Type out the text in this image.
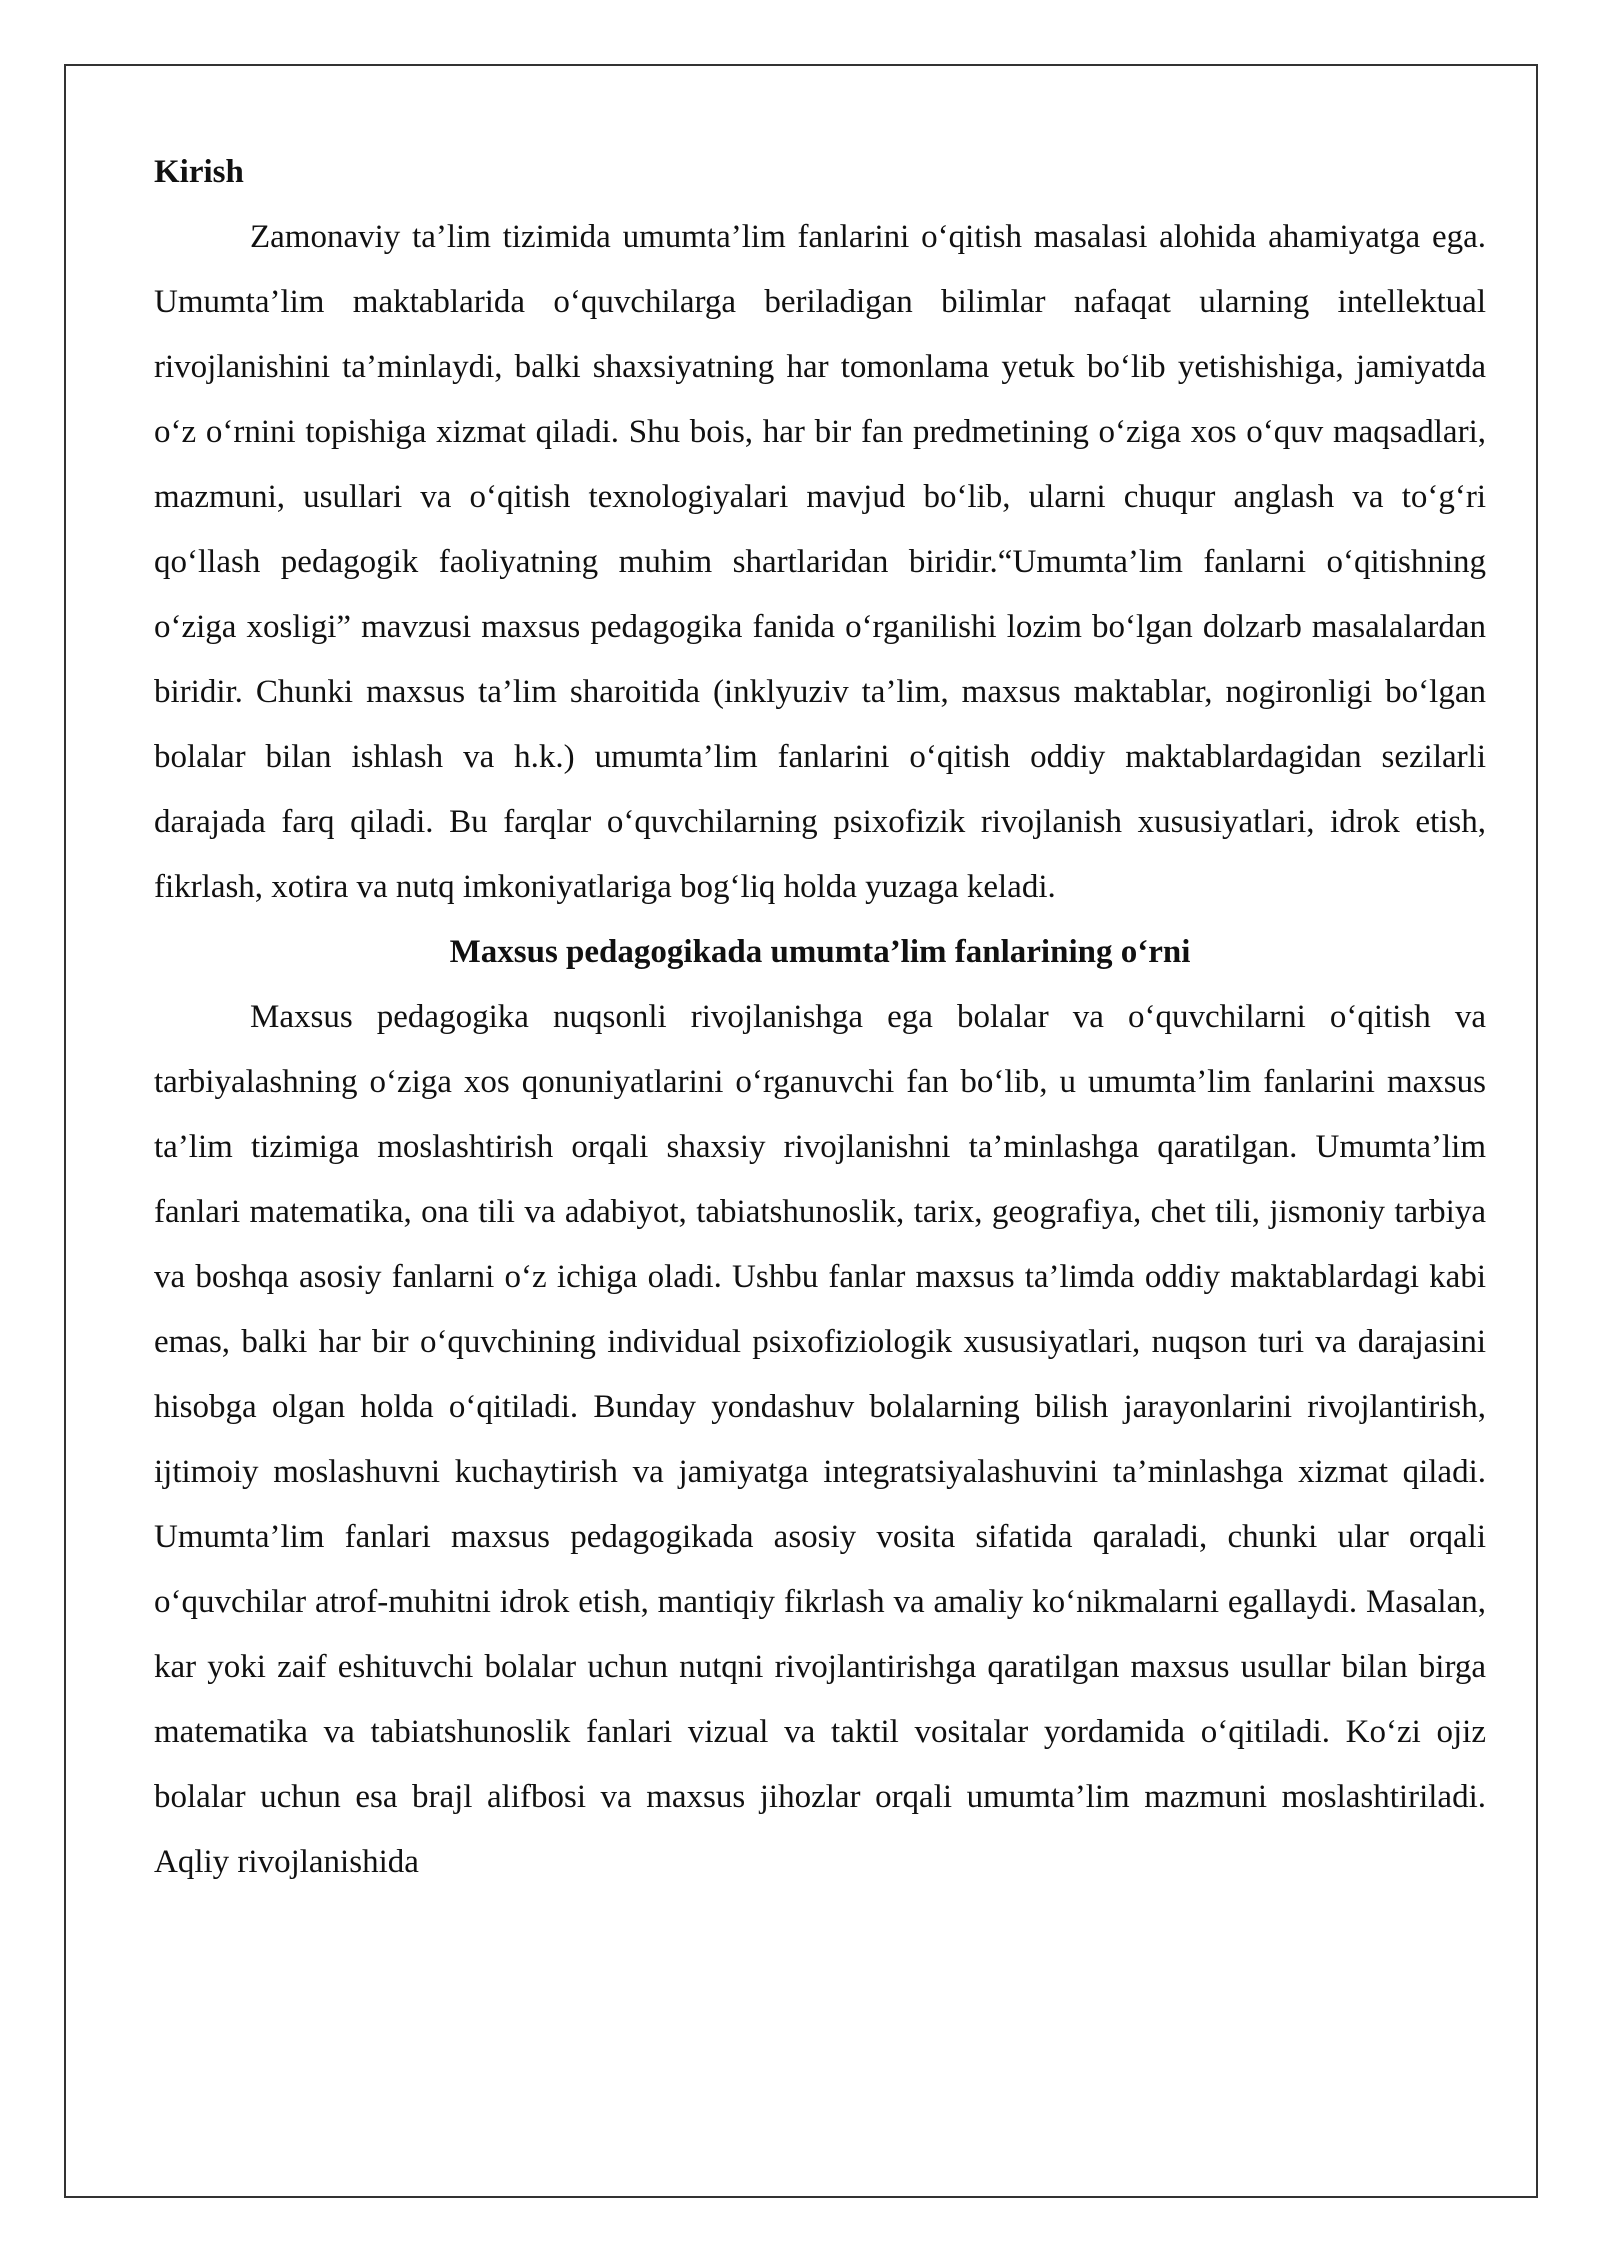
Kirish

Zamonaviy ta’lim tizimida umumta’lim fanlarini o‘qitish masalasi alohida ahamiyatga ega. Umumta’lim maktablarida o‘quvchilarga beriladigan bilimlar nafaqat ularning intellektual rivojlanishini ta’minlaydi, balki shaxsiyatning har tomonlama yetuk bo‘lib yetishishiga, jamiyatda o‘z o‘rnini topishiga xizmat qiladi. Shu bois, har bir fan predmetining o‘ziga xos o‘quv maqsadlari, mazmuni, usullari va o‘qitish texnologiyalari mavjud bo‘lib, ularni chuqur anglash va to‘g‘ri qo‘llash pedagogik faoliyatning muhim shartlaridan biridir.“Umumta’lim fanlarni o‘qitishning o‘ziga xosligi” mavzusi maxsus pedagogika fanida o‘rganilishi lozim bo‘lgan dolzarb masalalardan biridir. Chunki maxsus ta’lim sharoitida (inklyuziv ta’lim, maxsus maktablar, nogironligi bo‘lgan bolalar bilan ishlash va h.k.) umumta’lim fanlarini o‘qitish oddiy maktablardagidan sezilarli darajada farq qiladi. Bu farqlar o‘quvchilarning psixofizik rivojlanish xususiyatlari, idrok etish, fikrlash, xotira va nutq imkoniyatlariga bog‘liq holda yuzaga keladi.

Maxsus pedagogikada umumta’lim fanlarining o‘rni

Maxsus pedagogika nuqsonli rivojlanishga ega bolalar va o‘quvchilarni o‘qitish va tarbiyalashning o‘ziga xos qonuniyatlarini o‘rganuvchi fan bo‘lib, u umumta’lim fanlarini maxsus ta’lim tizimiga moslashtirish orqali shaxsiy rivojlanishni ta’minlashga qaratilgan. Umumta’lim fanlari matematika, ona tili va adabiyot, tabiatshunoslik, tarix, geografiya, chet tili, jismoniy tarbiya va boshqa asosiy fanlarni o‘z ichiga oladi. Ushbu fanlar maxsus ta’limda oddiy maktablardagi kabi emas, balki har bir o‘quvchining individual psixofiziologik xususiyatlari, nuqson turi va darajasini hisobga olgan holda o‘qitiladi. Bunday yondashuv bolalarning bilish jarayonlarini rivojlantirish, ijtimoiy moslashuvni kuchaytirish va jamiyatga integratsiyalashuvini ta’minlashga xizmat qiladi. Umumta’lim fanlari maxsus pedagogikada asosiy vosita sifatida qaraladi, chunki ular orqali o‘quvchilar atrof-muhitni idrok etish, mantiqiy fikrlash va amaliy ko‘nikmalarni egallaydi. Masalan, kar yoki zaif eshituvchi bolalar uchun nutqni rivojlantirishga qaratilgan maxsus usullar bilan birga matematika va tabiatshunoslik fanlari vizual va taktil vositalar yordamida o‘qitiladi. Ko‘zi ojiz bolalar uchun esa brajl alifbosi va maxsus jihozlar orqali umumta’lim mazmuni moslashtiriladi. Aqliy rivojlanishida
